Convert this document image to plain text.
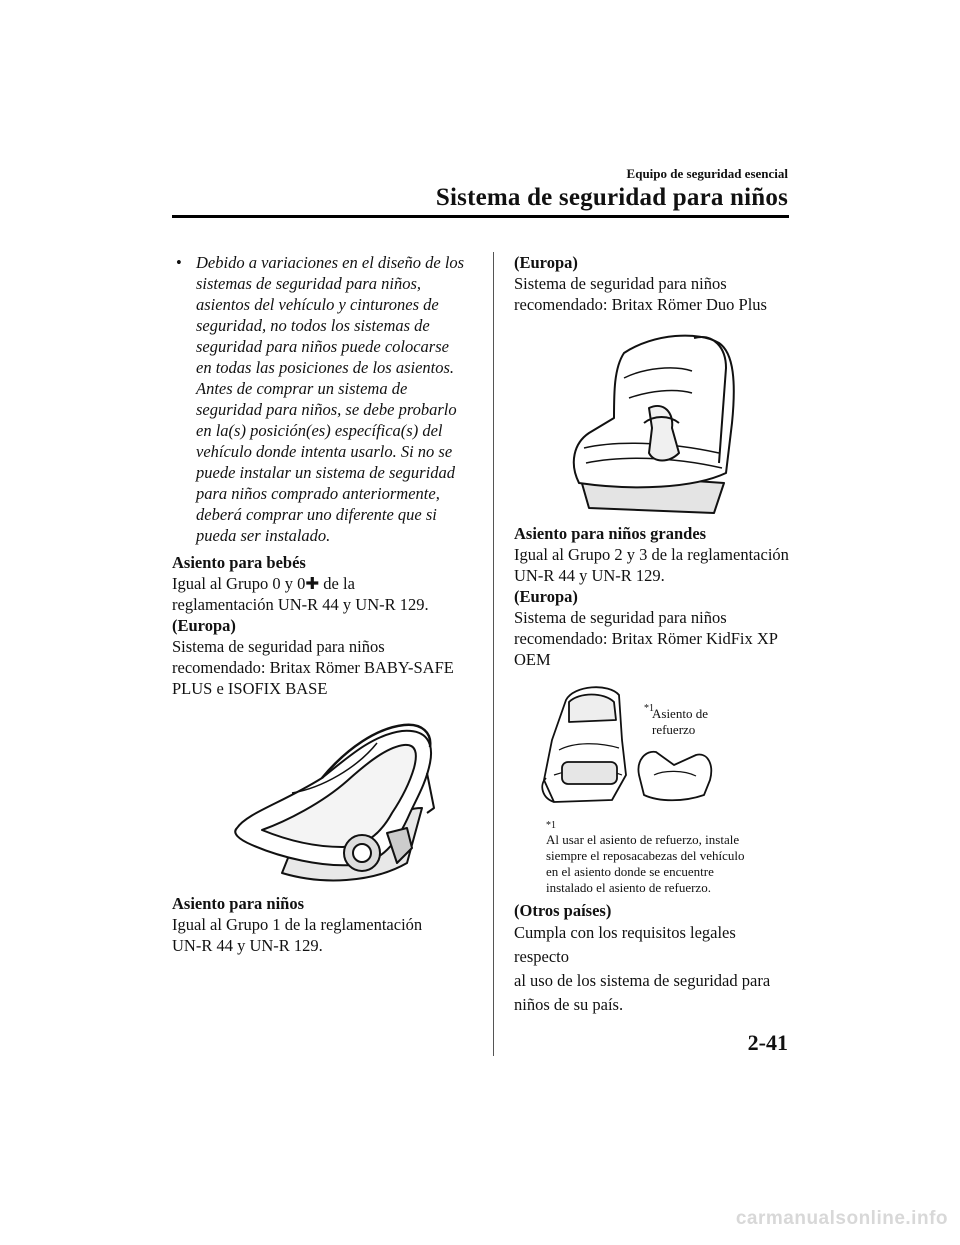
Equipo de seguridad esencial
Sistema de seguridad para niños
• Debido a variaciones en el diseño de los
sistemas de seguridad para niños,
asientos del vehículo y cinturones de
seguridad, no todos los sistemas de
seguridad para niños puede colocarse
en todas las posiciones de los asientos.
Antes de comprar un sistema de
seguridad para niños, se debe probarlo
en la(s) posición(es) específica(s) del
vehículo donde intenta usarlo. Si no se
puede instalar un sistema de seguridad
para niños comprado anteriormente,
deberá comprar uno diferente que si
pueda ser instalado.
Asiento para bebés
Igual al Grupo 0 y 0✚ de la
reglamentación UN-R 44 y UN-R 129.
(Europa)
Sistema de seguridad para niños
recomendado: Britax Römer BABY-SAFE
PLUS e ISOFIX BASE
Asiento para niños
Igual al Grupo 1 de la reglamentación
UN-R 44 y UN-R 129.
(Europa)
Sistema de seguridad para niños
recomendado: Britax Römer Duo Plus
Asiento para niños grandes
Igual al Grupo 2 y 3 de la reglamentación
UN-R 44 y UN-R 129.
(Europa)
Sistema de seguridad para niños
recomendado: Britax Römer KidFix XP
OEM
*1
Asiento de
refuerzo
*1
Al usar el asiento de refuerzo, instale
siempre el reposacabezas del vehículo
en el asiento donde se encuentre
instalado el asiento de refuerzo.
(Otros países)
Cumpla con los requisitos legales respecto
al uso de los sistema de seguridad para
niños de su país.
2-41
carmanualsonline.info
